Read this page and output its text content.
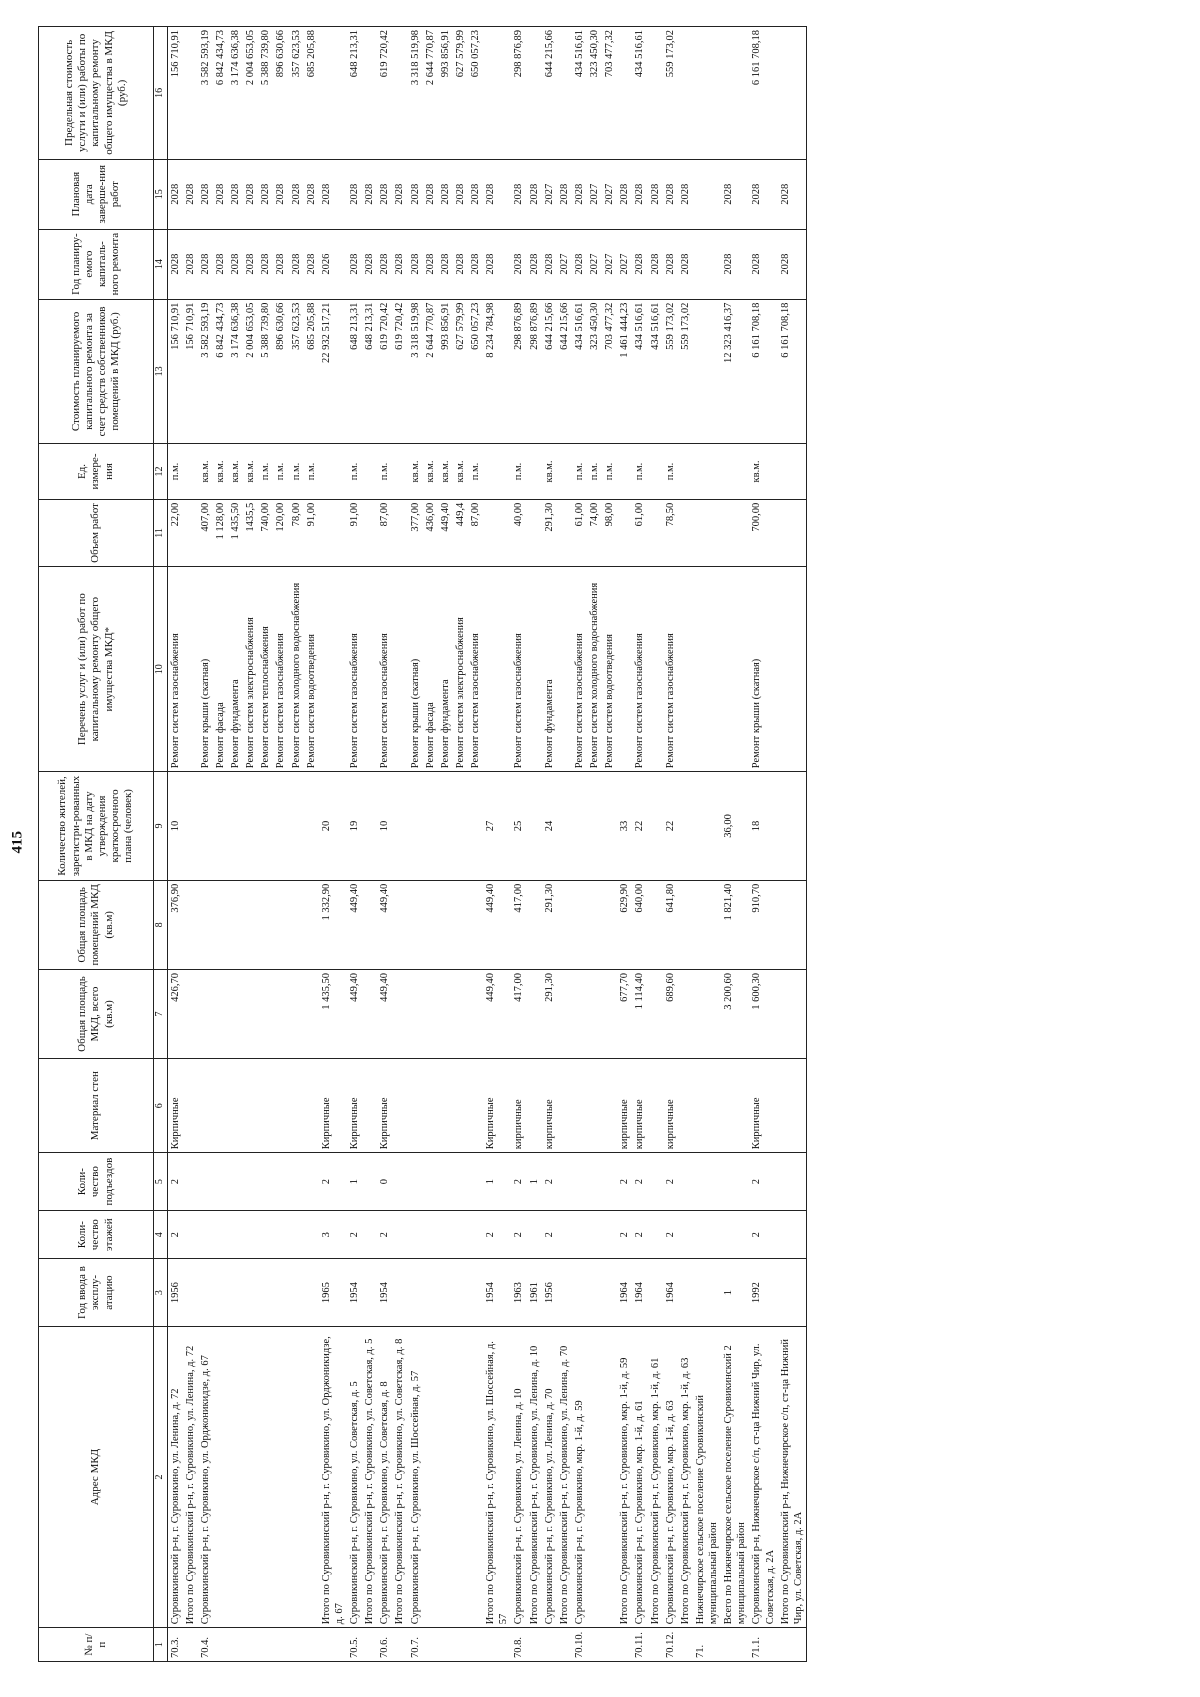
415
№ п/п	Адрес МКД	Год ввода в эксплу-атацию	Коли-чество этажей	Коли-чество подъездов	Материал стен	Общая площадь МКД, всего (кв.м)	Общая площадь помещений МКД (кв.м)	Количество жителей, зарегистри-рованных в МКД на дату утверждения краткосрочного плана (человек)	Перечень услуг и (или) работ по капитальному ремонту общего имущества МКД*	Объем работ	Ед. измере-ния	Стоимость планируемого капитального ремонта за счет средств собственников помещений в МКД (руб.)	Год планиру-емого капиталь-ного ремонта	Плановая дата заверше-ния работ	Предельная стоимость услуги и (или) работы по капитальному ремонту общего имущества в МКД (руб.)
1	2	3	4	5	6	7	8	9	10	11	12	13	14	15	16
70.3.	Суровикинский р-н, г. Суровикино, ул. Ленина, д. 72	1956	2	2	Кирпичные	426,70	376,90	10	Ремонт систем газоснабжения	22,00	п.м.	156 710,91	2028	2028	156 710,91
	Итого по Суровикинский р-н, г. Суровикино, ул. Ленина, д. 72											156 710,91	2028	2028	
70.4.	Суровикинский р-н, г. Суровикино, ул. Орджоникидзе, д. 67								Ремонт крыши (скатная)	407,00	кв.м.	3 582 593,19	2028	2028	3 582 593,19
									Ремонт фасада	1 128,00	кв.м.	6 842 434,73	2028	2028	6 842 434,73
									Ремонт фундамента	1 435,50	кв.м.	3 174 636,38	2028	2028	3 174 636,38
									Ремонт систем электроснабжения	1435,5	кв.м.	2 004 653,05	2028	2028	2 004 653,05
									Ремонт систем теплоснабжения	740,00	п.м.	5 388 739,80	2028	2028	5 388 739,80
									Ремонт систем газоснабжения	120,00	п.м.	896 630,66	2028	2028	896 630,66
									Ремонт систем холодного водоснабжения	78,00	п.м.	357 623,53	2028	2028	357 623,53
									Ремонт систем водоотведения	91,00	п.м.	685 205,88	2028	2028	685 205,88
	Итого по Суровикинский р-н, г. Суровикино, ул. Орджоникидзе, д. 67	1965	3	2	Кирпичные	1 435,50	1 332,90	20				22 932 517,21	2026	2028	
70.5.	Суровикинский р-н, г. Суровикино, ул. Советская, д. 5	1954	2	1	Кирпичные	449,40	449,40	19	Ремонт систем газоснабжения	91,00	п.м.	648 213,31	2028	2028	648 213,31
	Итого по Суровикинский р-н, г. Суровикино, ул. Советская, д. 5											648 213,31	2028	2028	
70.6.	Суровикинский р-н, г. Суровикино, ул. Советская, д. 8	1954	2	0	Кирпичные	449,40	449,40	10	Ремонт систем газоснабжения	87,00	п.м.	619 720,42	2028	2028	619 720,42
	Итого по Суровикинский р-н, г. Суровикино, ул. Советская, д. 8											619 720,42	2028	2028	
70.7.	Суровикинский р-н, г. Суровикино, ул. Шоссейная, д. 57								Ремонт крыши (скатная)	377,00	кв.м.	3 318 519,98	2028	2028	3 318 519,98
									Ремонт фасада	436,00	кв.м.	2 644 770,87	2028	2028	2 644 770,87
									Ремонт фундамента	449,40	кв.м.	993 856,91	2028	2028	993 856,91
									Ремонт систем электроснабжения	449,4	кв.м.	627 579,99	2028	2028	627 579,99
									Ремонт систем газоснабжения	87,00	п.м.	650 057,23	2028	2028	650 057,23
	Итого по Суровикинский р-н, г. Суровикино, ул. Шоссейная, д. 57	1954	2	1	Кирпичные	449,40	449,40	27				8 234 784,98	2028	2028	
70.8.	Суровикинский р-н, г. Суровикино, ул. Ленина, д. 10	1963	2	2	кирпичные	417,00	417,00	25	Ремонт систем газоснабжения	40,00	п.м.	298 876,89	2028	2028	298 876,89
	Итого по Суровикинский р-н, г. Суровикино, ул. Ленина, д. 10	1961		1								298 876,89	2028	2028	
	Суровикинский р-н, г. Суровикино, ул. Ленина, д. 70	1956	2	2	кирпичные	291,30	291,30	24	Ремонт фундамента	291,30	кв.м.	644 215,66	2028	2027	644 215,66
	Итого по Суровикинский р-н, г. Суровикино, ул. Ленина, д. 70											644 215,66	2027	2028	
70.10.	Суровикинский р-н, г. Суровикино, мкр. 1-й, д. 59								Ремонт систем газоснабжения	61,00	п.м.	434 516,61	2028	2028	434 516,61
									Ремонт систем холодного водоснабжения	74,00	п.м.	323 450,30	2027	2027	323 450,30
									Ремонт систем водоотведения	98,00	п.м.	703 477,32	2027	2027	703 477,32
	Итого по Суровикинский р-н, г. Суровикино, мкр. 1-й, д. 59	1964	2	2	кирпичные	677,70	629,90	33				1 461 444,23	2027	2028	
70.11.	Суровикинский р-н, г. Суровикино, мкр. 1-й, д. 61	1964	2	2	кирпичные	1 114,40	640,00	22	Ремонт систем газоснабжения	61,00	п.м.	434 516,61	2028	2028	434 516,61
	Итого по Суровикинский р-н, г. Суровикино, мкр. 1-й, д. 61											434 516,61	2028	2028	
70.12.	Суровикинский р-н, г. Суровикино, мкр. 1-й, д. 63	1964	2	2	кирпичные	689,60	641,80	22	Ремонт систем газоснабжения	78,50	п.м.	559 173,02	2028	2028	559 173,02
	Итого по Суровикинский р-н, г. Суровикино, мкр. 1-й, д. 63											559 173,02	2028	2028	
71.	Нижнечирское сельское поселение Суровикинский муниципальный район														
	Всего по Нижнечирское сельское поселение Суровикинский 2 муниципальный район	1				3 200,60	1 821,40	36,00				12 323 416,37	2028	2028	
71.1.	Суровикинский р-н, Нижнечирское с/п, ст-ца Нижний Чир, ул. Советская, д. 2А	1992	2	2	Кирпичные	1 600,30	910,70	18	Ремонт крыши (скатная)	700,00	кв.м.	6 161 708,18	2028	2028	6 161 708,18
	Итого по Суровикинский р-н, Нижнечирское с/п, ст-ца Нижний Чир, ул. Советская, д. 2А											6 161 708,18	2028	2028	
